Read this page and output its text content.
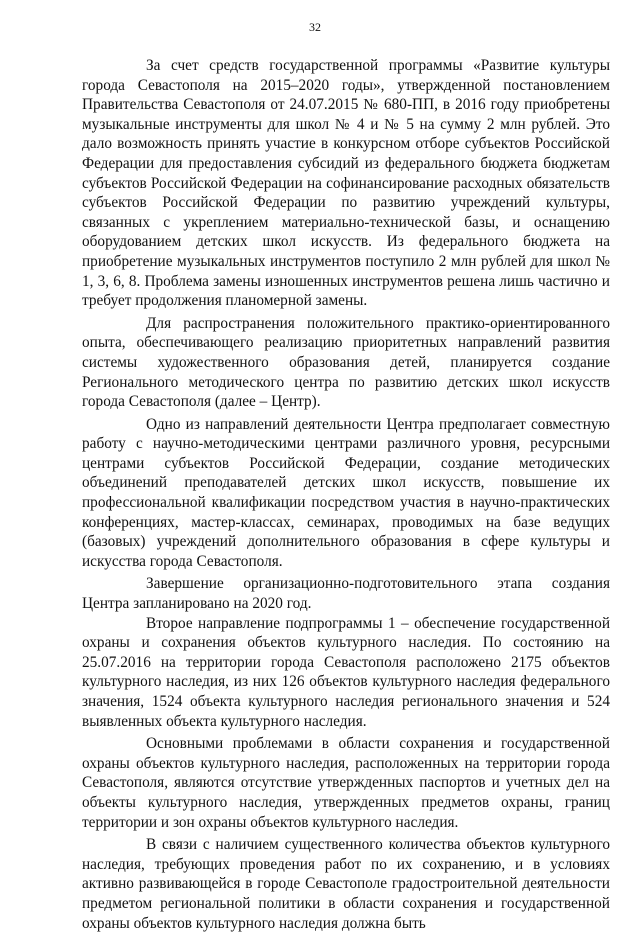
32

За счет средств государственной программы «Развитие культуры города Севастополя на 2015–2020 годы», утвержденной постановлением Правительства Севастополя от 24.07.2015 № 680-ПП, в 2016 году приобретены музыкальные инструменты для школ № 4 и № 5 на сумму 2 млн рублей. Это дало возможность принять участие в конкурсном отборе субъектов Российской Федерации для предоставления субсидий из федерального бюджета бюджетам субъектов Российской Федерации на софинансирование расходных обязательств субъектов Российской Федерации по развитию учреждений культуры, связанных с укреплением материально-технической базы, и оснащению оборудованием детских школ искусств. Из федерального бюджета на приобретение музыкальных инструментов поступило 2 млн рублей для школ № 1, 3, 6, 8. Проблема замены изношенных инструментов решена лишь частично и требует продолжения планомерной замены.

Для распространения положительного практико-ориентированного опыта, обеспечивающего реализацию приоритетных направлений развития системы художественного образования детей, планируется создание Регионального методического центра по развитию детских школ искусств города Севастополя (далее – Центр).

Одно из направлений деятельности Центра предполагает совместную работу с научно-методическими центрами различного уровня, ресурсными центрами субъектов Российской Федерации, создание методических объединений преподавателей детских школ искусств, повышение их профессиональной квалификации посредством участия в научно-практических конференциях, мастер-классах, семинарах, проводимых на базе ведущих (базовых) учреждений дополнительного образования в сфере культуры и искусства города Севастополя.

Завершение организационно-подготовительного этапа создания Центра запланировано на 2020 год.

Второе направление подпрограммы 1 – обеспечение государственной охраны и сохранения объектов культурного наследия. По состоянию на 25.07.2016 на территории города Севастополя расположено 2175 объектов культурного наследия, из них 126 объектов культурного наследия федерального значения, 1524 объекта культурного наследия регионального значения и 524 выявленных объекта культурного наследия.

Основными проблемами в области сохранения и государственной охраны объектов культурного наследия, расположенных на территории города Севастополя, являются отсутствие утвержденных паспортов и учетных дел на объекты культурного наследия, утвержденных предметов охраны, границ территории и зон охраны объектов культурного наследия.

В связи с наличием существенного количества объектов культурного наследия, требующих проведения работ по их сохранению, и в условиях активно развивающейся в городе Севастополе градостроительной деятельности предметом региональной политики в области сохранения и государственной охраны объектов культурного наследия должна быть
